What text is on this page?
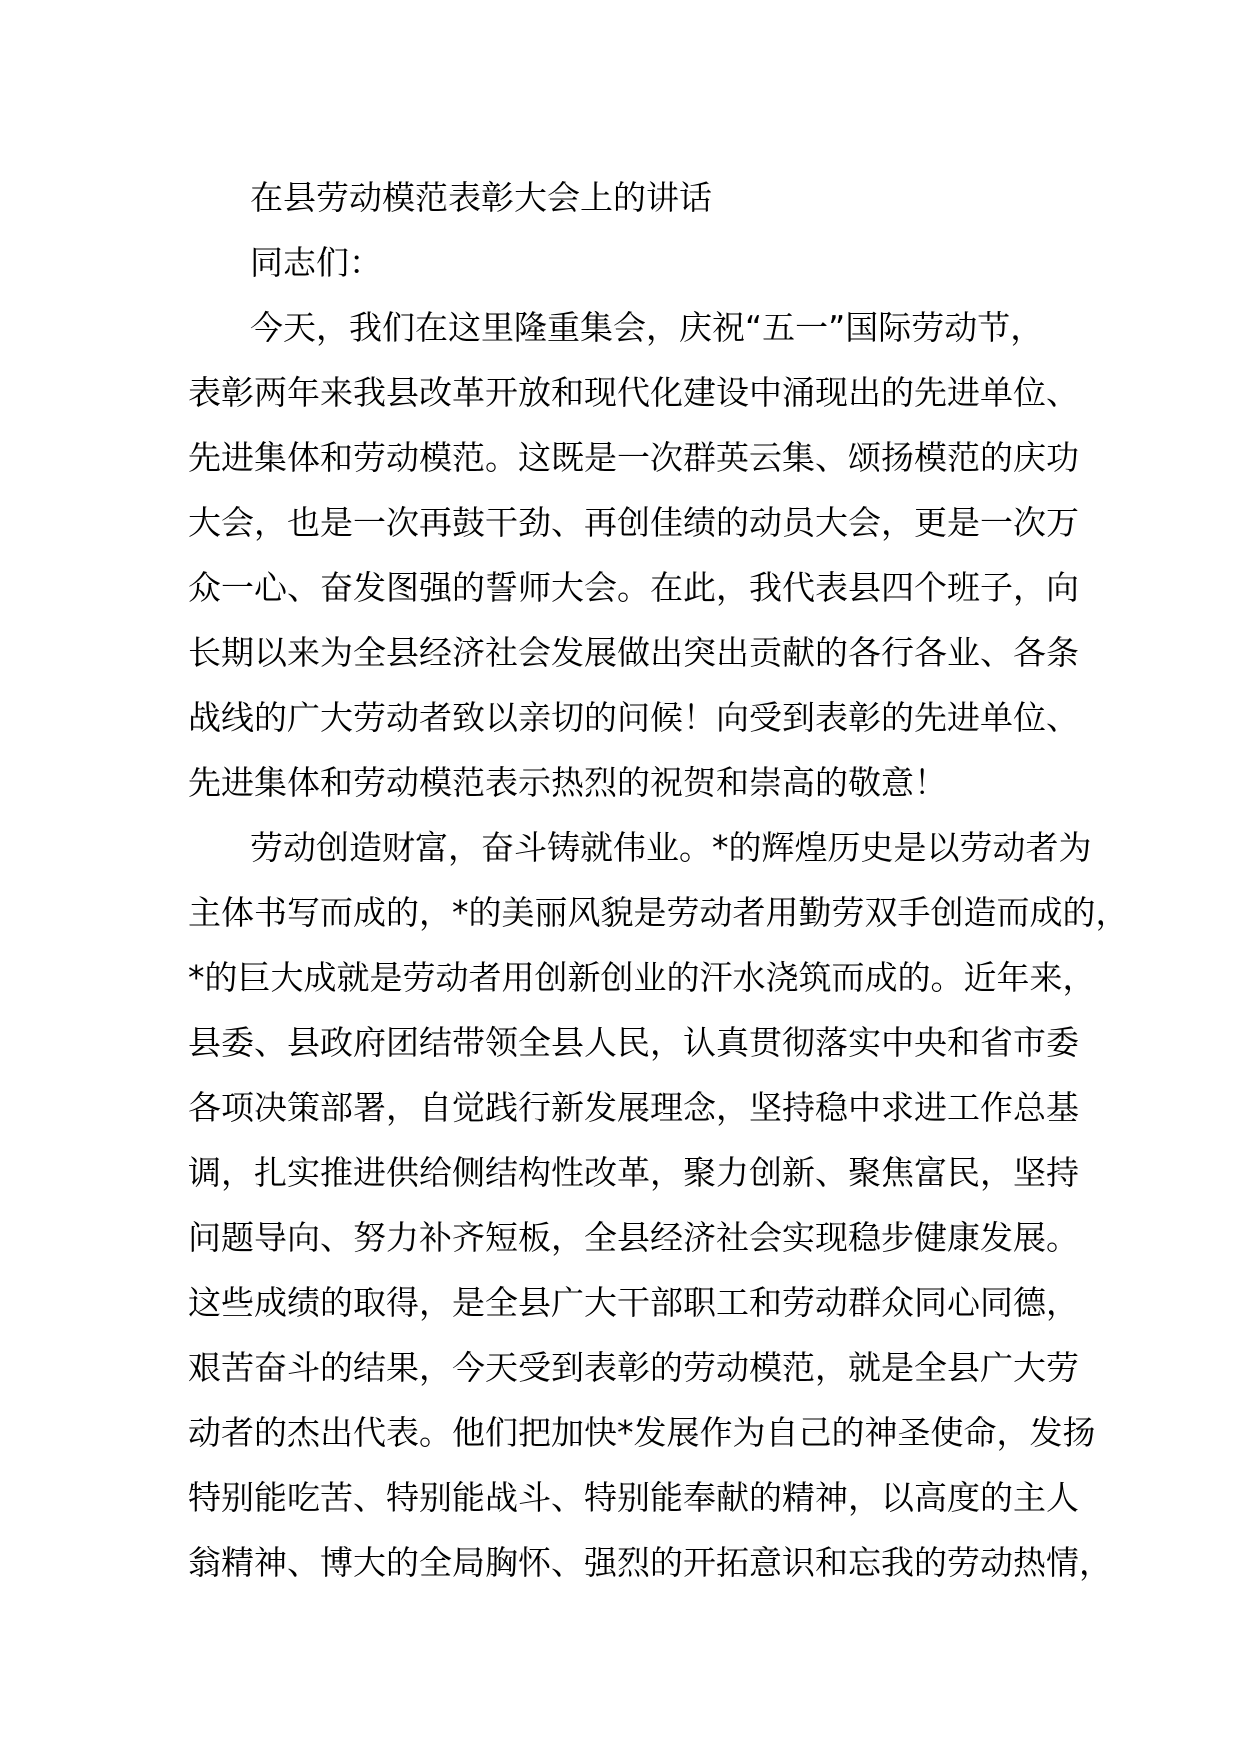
在县劳动模范表彰大会上的讲话

同志们：

今天，我们在这里隆重集会，庆祝“五一”国际劳动节，
表彰两年来我县改革开放和现代化建设中涌现出的先进单位、
先进集体和劳动模范。这既是一次群英云集、颂扬模范的庆功
大会，也是一次再鼓干劲、再创佳绩的动员大会，更是一次万
众一心、奋发图强的誓师大会。在此，我代表县四个班子，向
长期以来为全县经济社会发展做出突出贡献的各行各业、各条
战线的广大劳动者致以亲切的问候！向受到表彰的先进单位、
先进集体和劳动模范表示热烈的祝贺和崇高的敬意！

劳动创造财富，奋斗铸就伟业。*的辉煌历史是以劳动者为
主体书写而成的，*的美丽风貌是劳动者用勤劳双手创造而成的，
*的巨大成就是劳动者用创新创业的汗水浇筑而成的。近年来，
县委、县政府团结带领全县人民，认真贯彻落实中央和省市委
各项决策部署，自觉践行新发展理念，坚持稳中求进工作总基
调，扎实推进供给侧结构性改革，聚力创新、聚焦富民，坚持
问题导向、努力补齐短板，全县经济社会实现稳步健康发展。
这些成绩的取得，是全县广大干部职工和劳动群众同心同德，
艰苦奋斗的结果，今天受到表彰的劳动模范，就是全县广大劳
动者的杰出代表。他们把加快*发展作为自己的神圣使命，发扬
特别能吃苦、特别能战斗、特别能奉献的精神，以高度的主人
翁精神、博大的全局胸怀、强烈的开拓意识和忘我的劳动热情，
